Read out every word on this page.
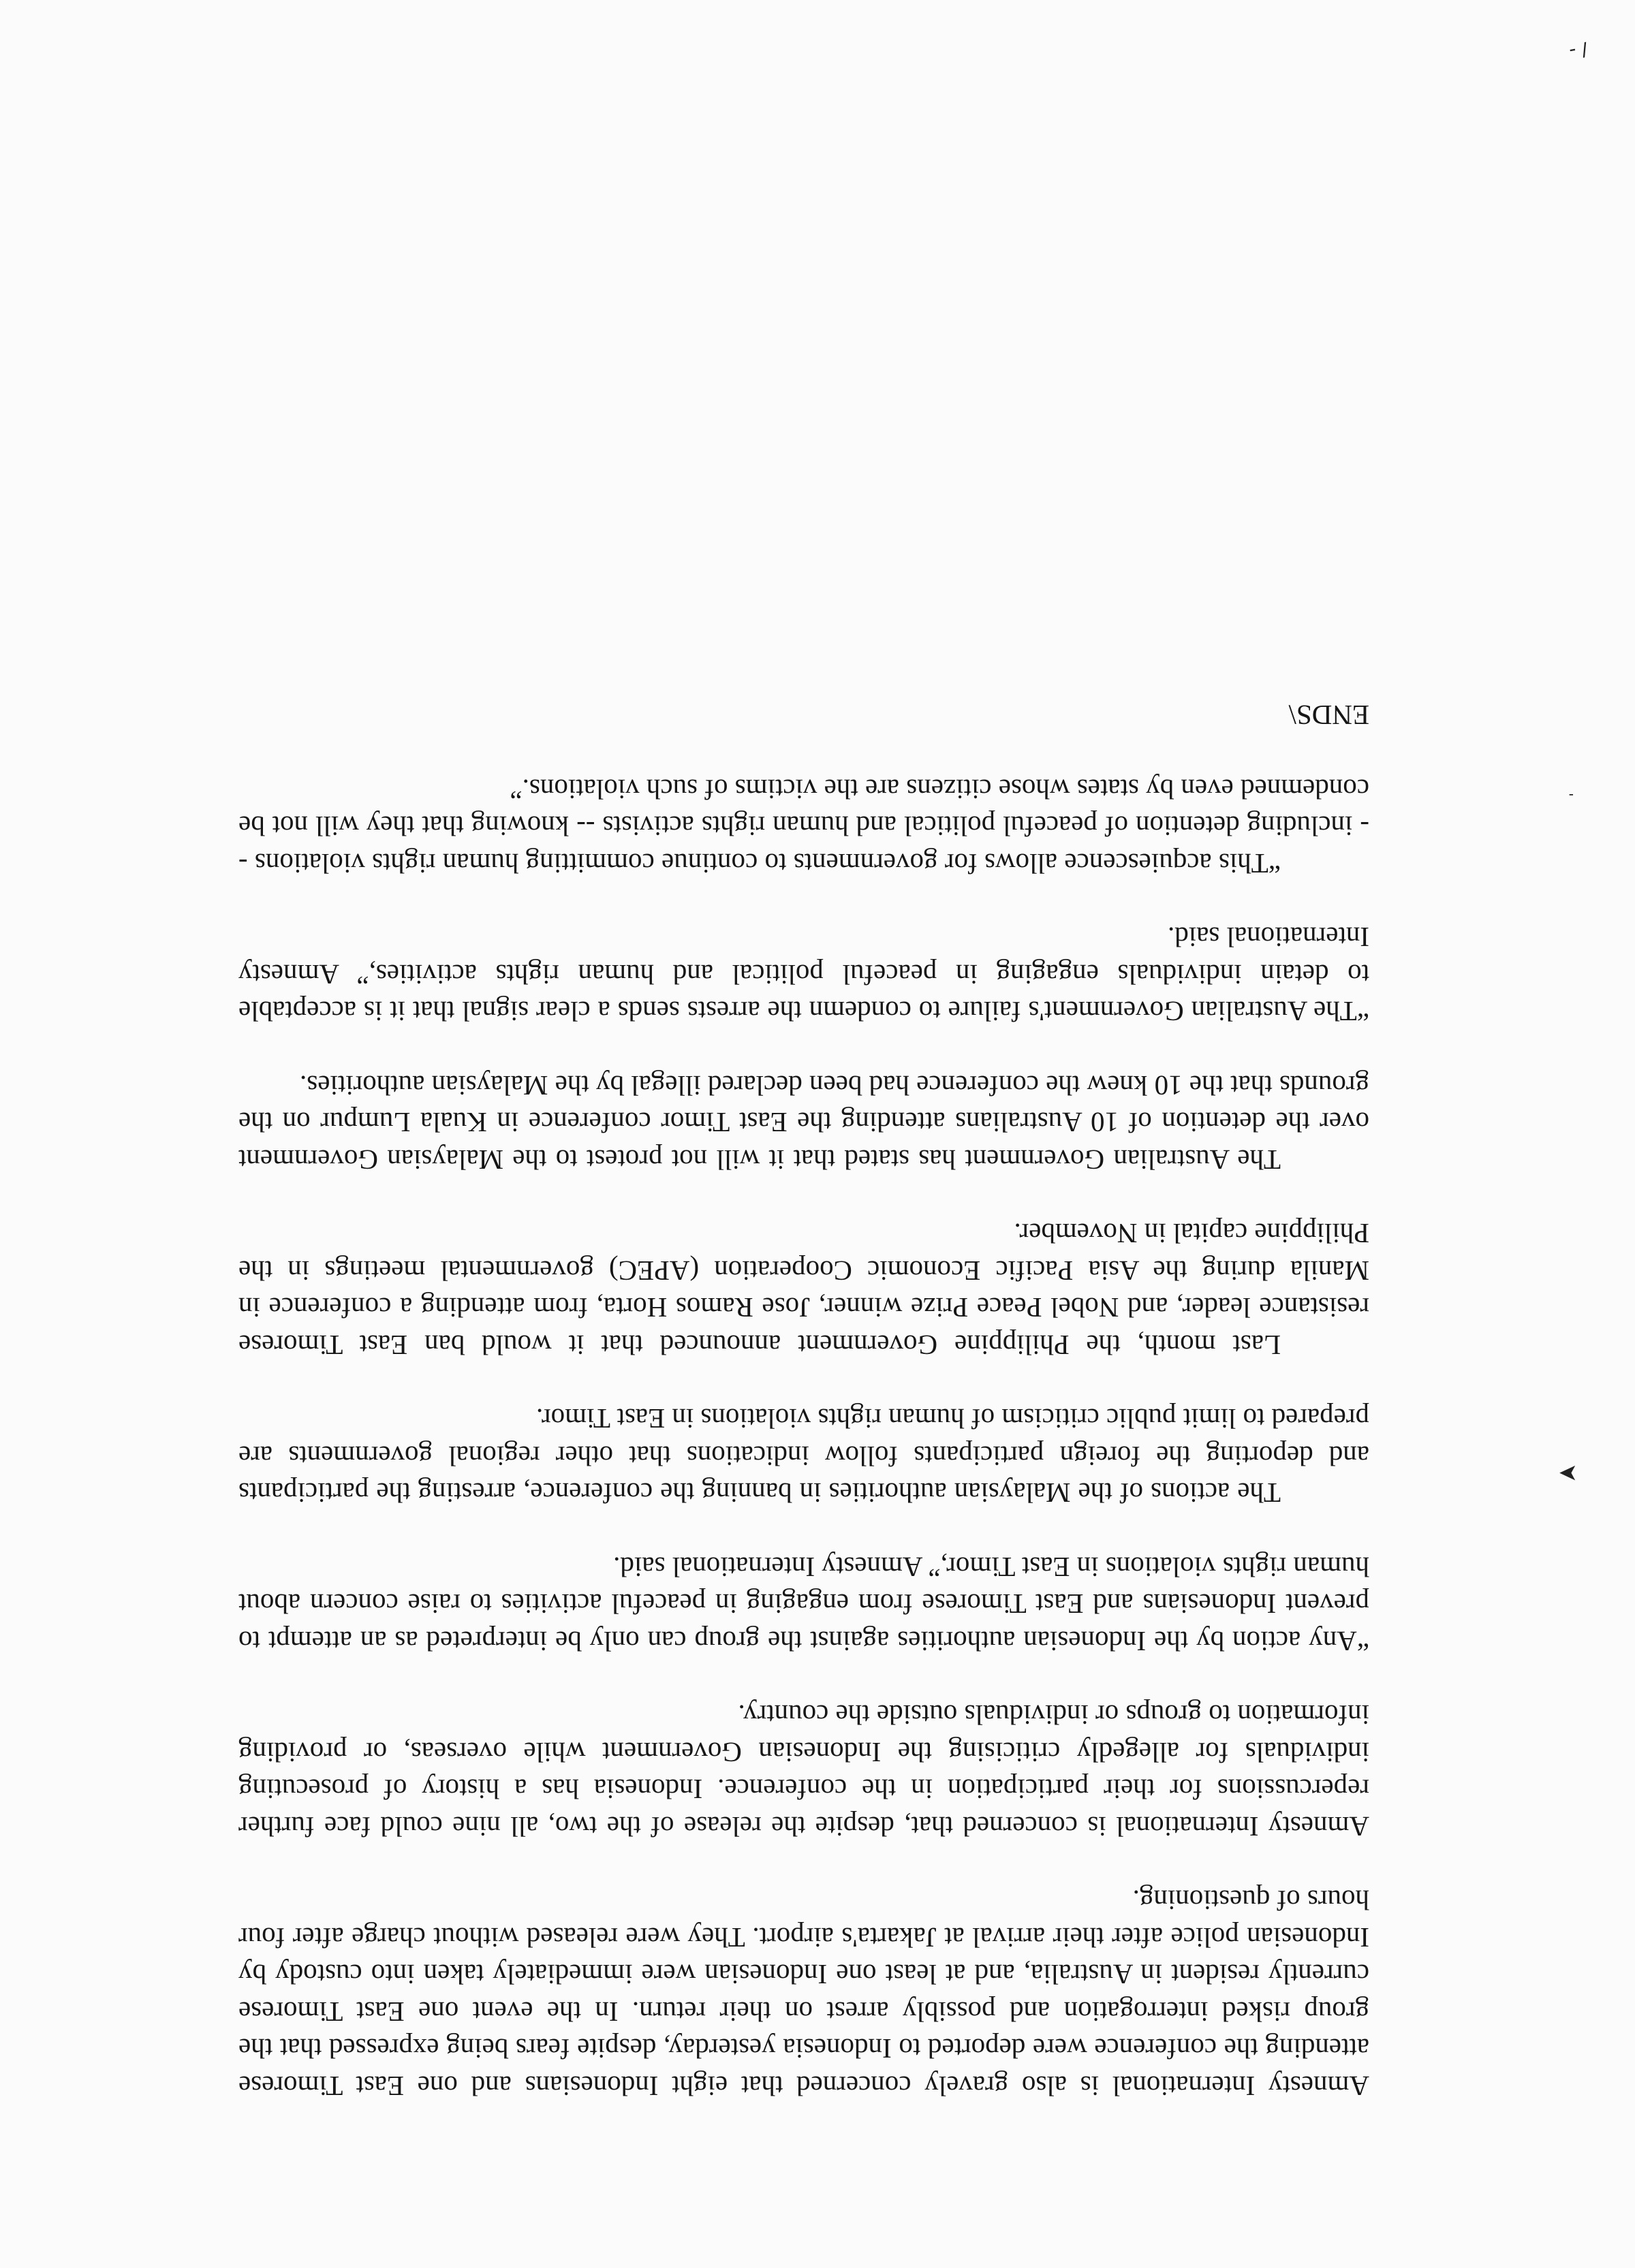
Amnesty International is also gravely concerned that eight Indonesians and one East Timorese attending the conference were deported to Indonesia yesterday, despite fears being expressed that the group risked interrogation and possibly arrest on their return. In the event one East Timorese currently resident in Australia, and at least one Indonesian were immediately taken into custody by Indonesian police after their arrival at Jakarta's airport. They were released without charge after four hours of questioning.

Amnesty International is concerned that, despite the release of the two, all nine could face further repercussions for their participation in the conference. Indonesia has a history of prosecuting individuals for allegedly criticising the Indonesian Government while overseas, or providing information to groups or individuals outside the country.

“Any action by the Indonesian authorities against the group can only be interpreted as an attempt to prevent Indonesians and East Timorese from engaging in peaceful activities to raise concern about human rights violations in East Timor,” Amnesty International said.

The actions of the Malaysian authorities in banning the conference, arresting the participants and deporting the foreign participants follow indications that other regional governments are prepared to limit public criticism of human rights violations in East Timor.

Last month, the Philippine Government announced that it would ban East Timorese resistance leader, and Nobel Peace Prize winner, Jose Ramos Horta, from attending a conference in Manila during the Asia Pacific Economic Cooperation (APEC) governmental meetings in the Philippine capital in November.

The Australian Government has stated that it will not protest to the Malaysian Government over the detention of 10 Australians attending the East Timor conference in Kuala Lumpur on the grounds that the 10 knew the conference had been declared illegal by the Malaysian authorities.

“The Australian Government's failure to condemn the arrests sends a clear signal that it is acceptable to detain individuals engaging in peaceful political and human rights activities,” Amnesty International said.

“This acquiescence allows for governments to continue committing human rights violations -- including detention of peaceful political and human rights activists -- knowing that they will not be condemned even by states whose citizens are the victims of such violations.”

ENDS\
/ -
➤
-
